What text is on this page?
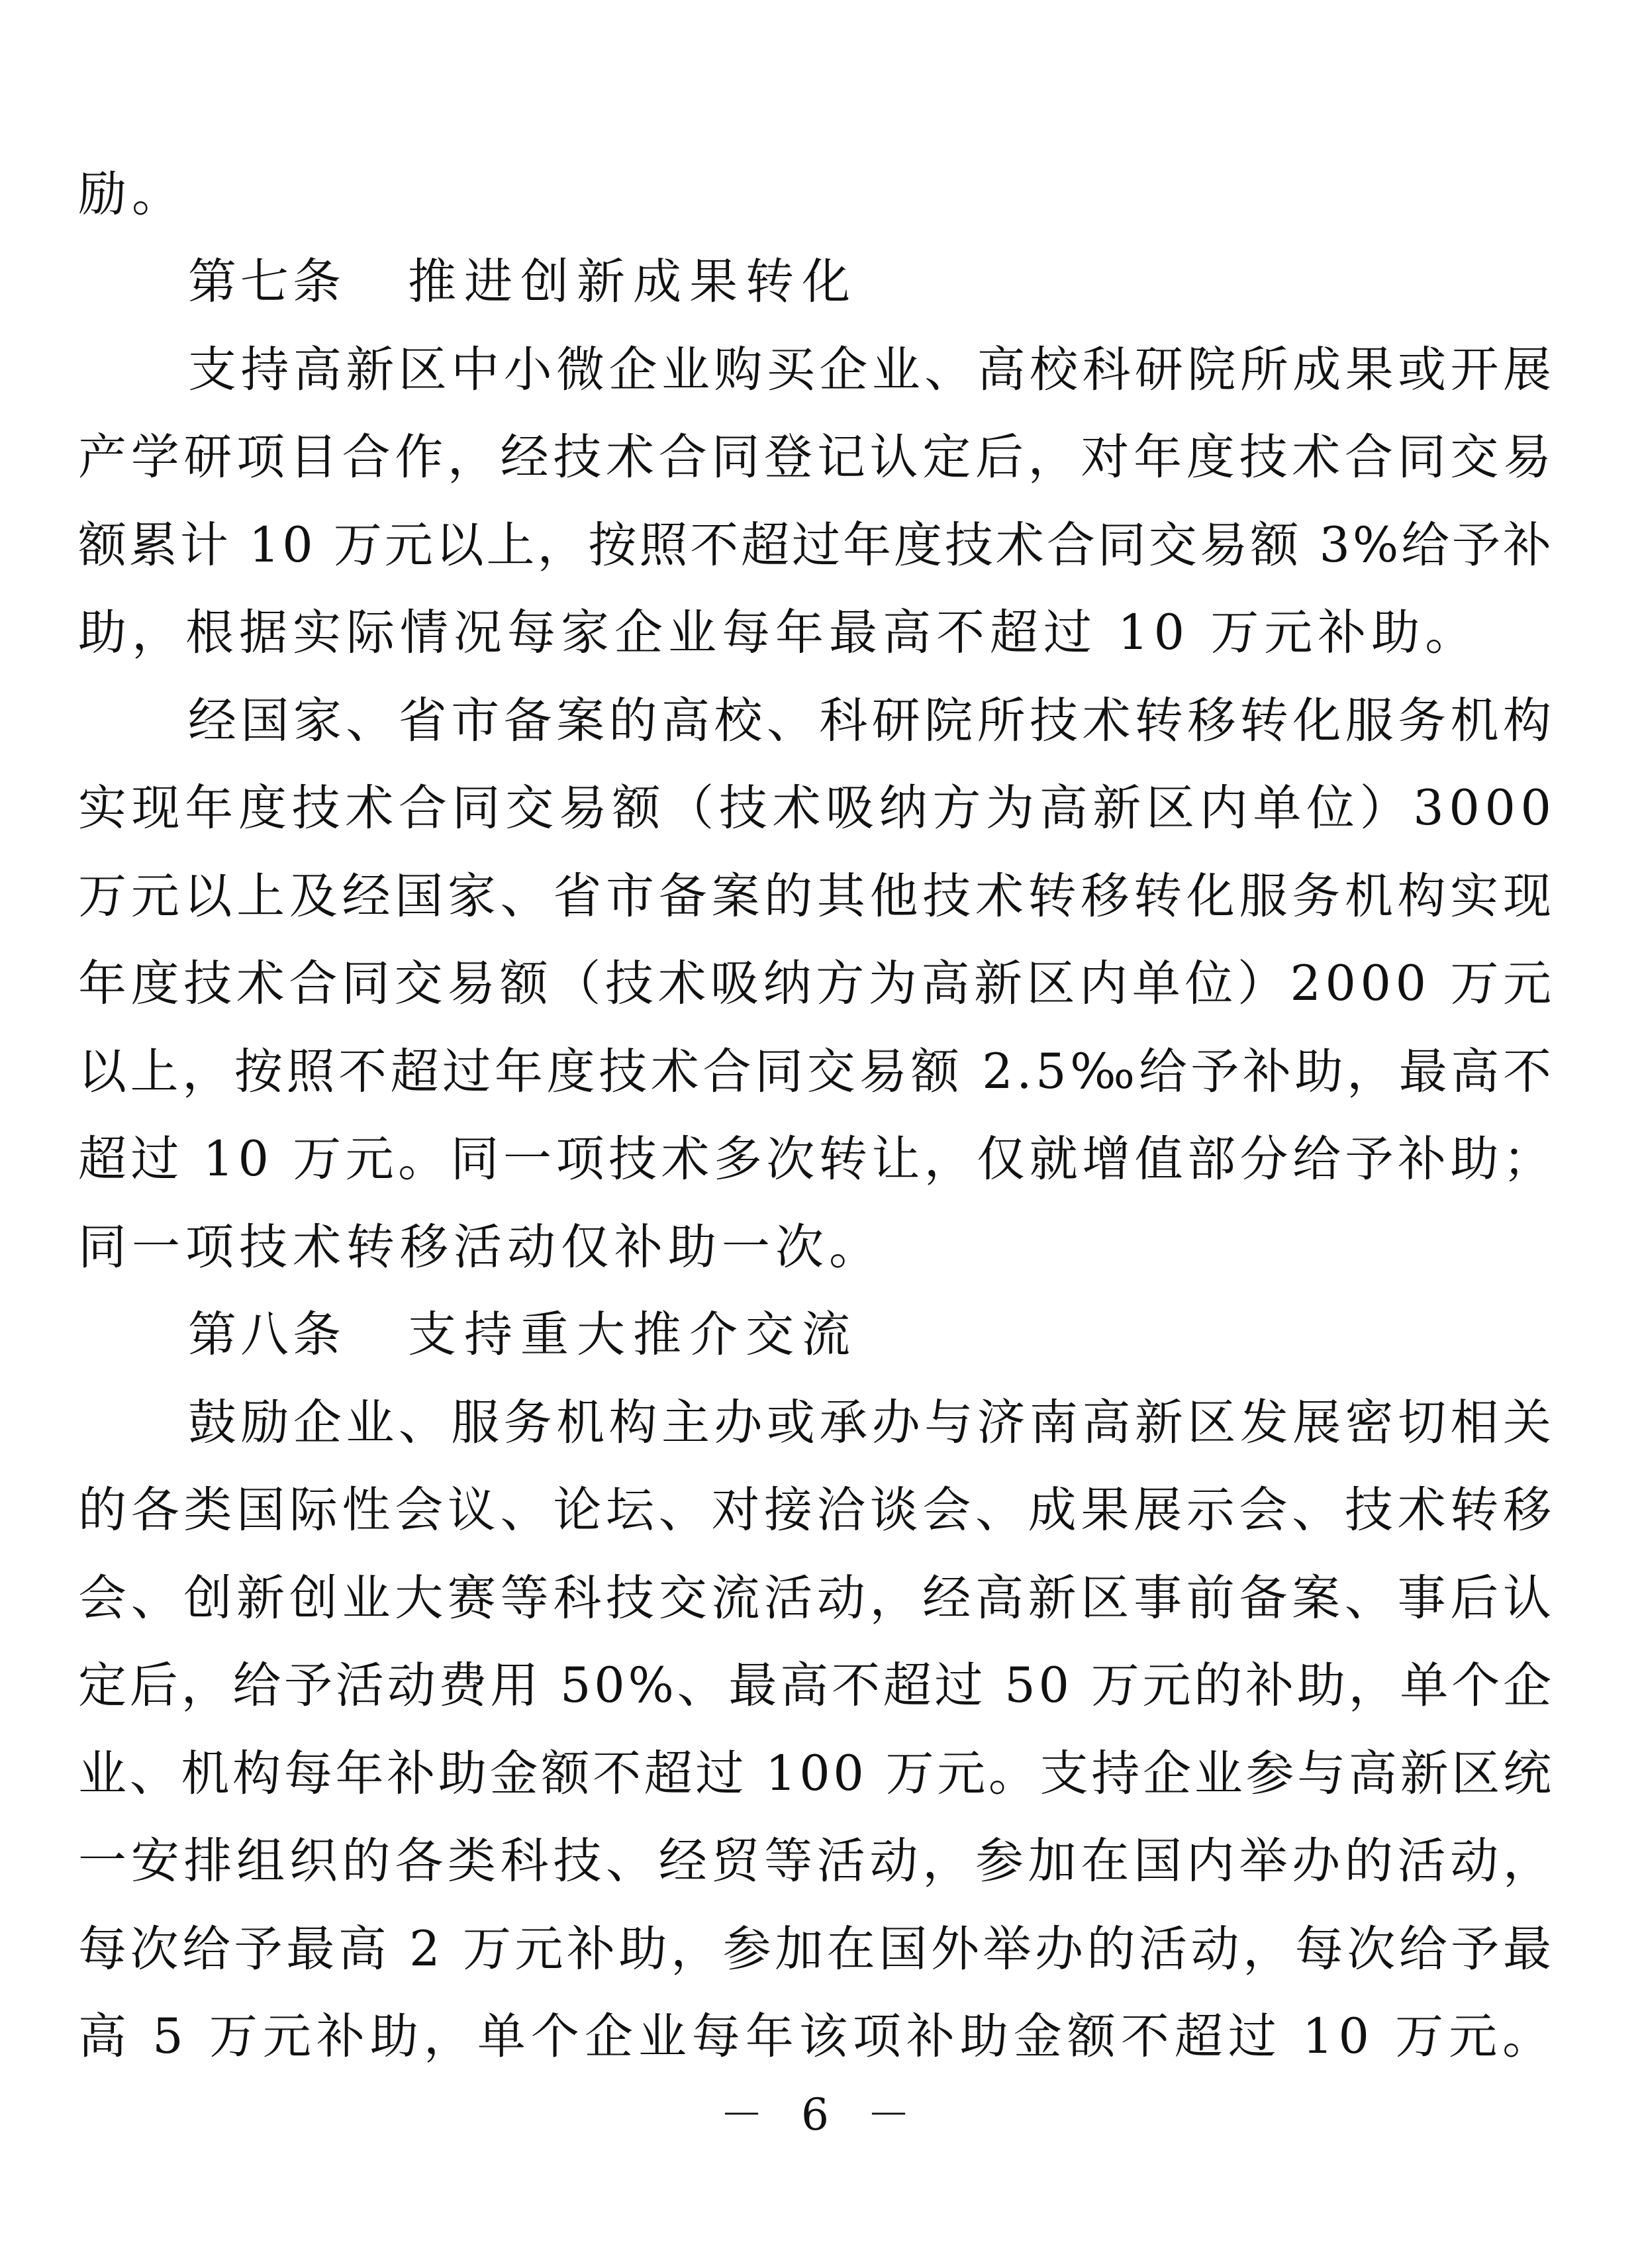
励。
第七条 推进创新成果转化
支持高新区中小微企业购买企业、高校科研院所成果或开展
产学研项目合作，经技术合同登记认定后，对年度技术合同交易
额累计 10 万元以上，按照不超过年度技术合同交易额 3%给予补
助，根据实际情况每家企业每年最高不超过 10 万元补助。
经国家、省市备案的高校、科研院所技术转移转化服务机构
实现年度技术合同交易额（技术吸纳方为高新区内单位）3000
万元以上及经国家、省市备案的其他技术转移转化服务机构实现
年度技术合同交易额（技术吸纳方为高新区内单位）2000 万元
以上，按照不超过年度技术合同交易额 2.5‰给予补助，最高不
超过 10 万元。同一项技术多次转让，仅就增值部分给予补助；
同一项技术转移活动仅补助一次。
第八条 支持重大推介交流
鼓励企业、服务机构主办或承办与济南高新区发展密切相关
的各类国际性会议、论坛、对接洽谈会、成果展示会、技术转移
会、创新创业大赛等科技交流活动，经高新区事前备案、事后认
定后，给予活动费用 50%、最高不超过 50 万元的补助，单个企
业、机构每年补助金额不超过 100 万元。支持企业参与高新区统
一安排组织的各类科技、经贸等活动，参加在国内举办的活动，
每次给予最高 2 万元补助，参加在国外举办的活动，每次给予最
高 5 万元补助，单个企业每年该项补助金额不超过 10 万元。
－ 6 －
